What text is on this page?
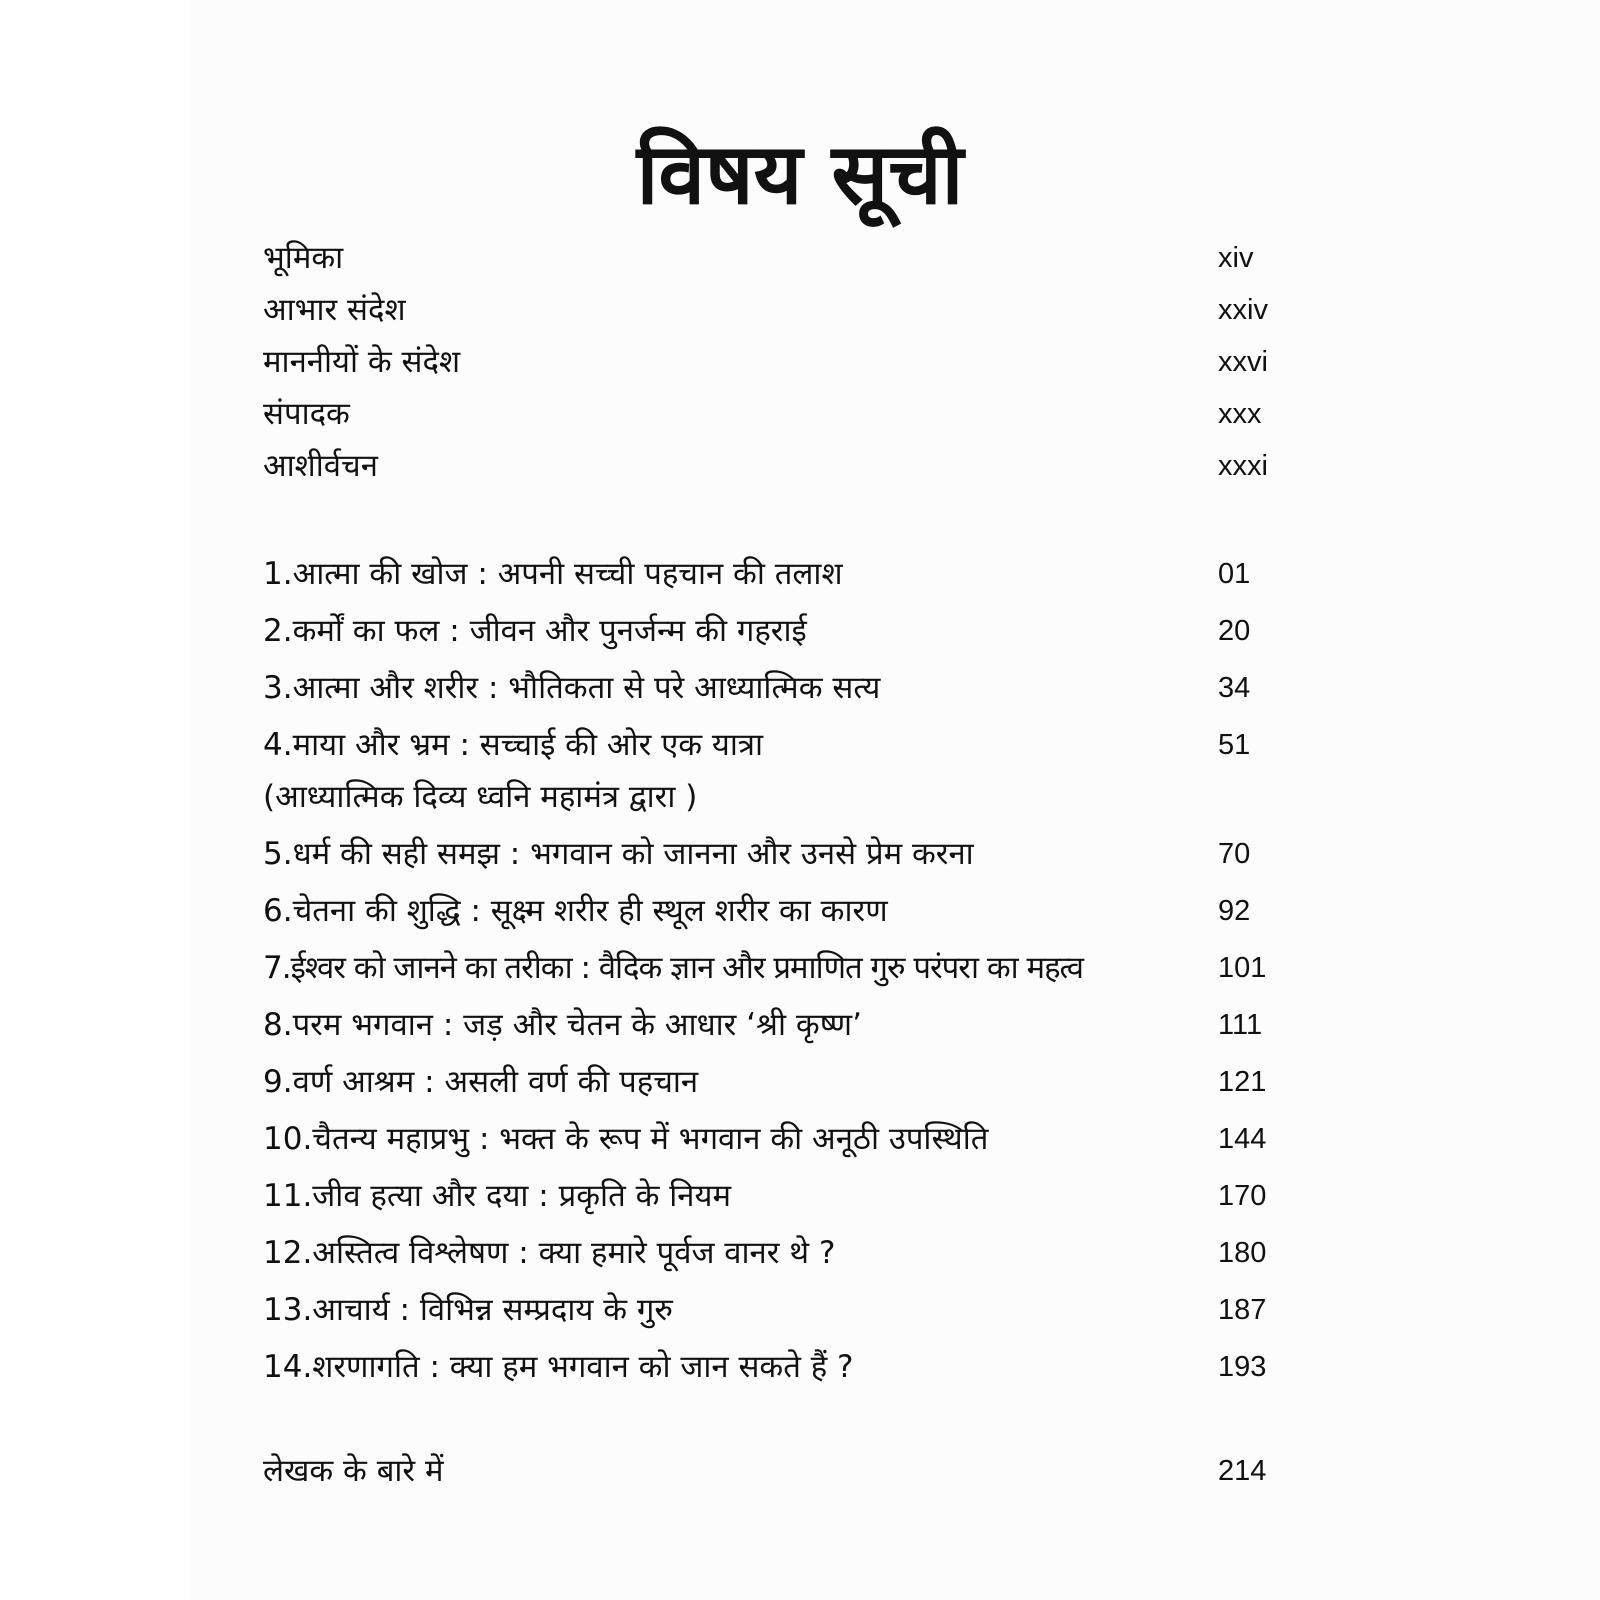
विषय सूची
भूमिका	xiv
आभार संदेश	xxiv
माननीयों के संदेश	xxvi
संपादक	xxx
आशीर्वचन	xxxi
1.आत्मा की खोज : अपनी सच्ची पहचान की तलाश	01
2.कर्मों का फल : जीवन और पुनर्जन्म की गहराई	20
3.आत्मा और शरीर : भौतिकता से परे आध्यात्मिक सत्य	34
4.माया और भ्रम : सच्चाई की ओर एक यात्रा	51
(आध्यात्मिक दिव्य ध्वनि महामंत्र द्वारा )
5.धर्म की सही समझ : भगवान को जानना और उनसे प्रेम करना	70
6.चेतना की शुद्धि : सूक्ष्म शरीर ही स्थूल शरीर का कारण	92
7.ईश्वर को जानने का तरीका : वैदिक ज्ञान और प्रमाणित गुरु परंपरा का महत्व	101
8.परम भगवान : जड़ और चेतन के आधार ‘श्री कृष्ण’	111
9.वर्ण आश्रम : असली वर्ण की पहचान	121
10.चैतन्य महाप्रभु : भक्त के रूप में भगवान की अनूठी उपस्थिति	144
11.जीव हत्या और दया : प्रकृति के नियम	170
12.अस्तित्व विश्लेषण : क्या हमारे पूर्वज वानर थे ?	180
13.आचार्य : विभिन्न सम्प्रदाय के गुरु	187
14.शरणागति : क्या हम भगवान को जान सकते हैं ?	193
लेखक के बारे में	214
